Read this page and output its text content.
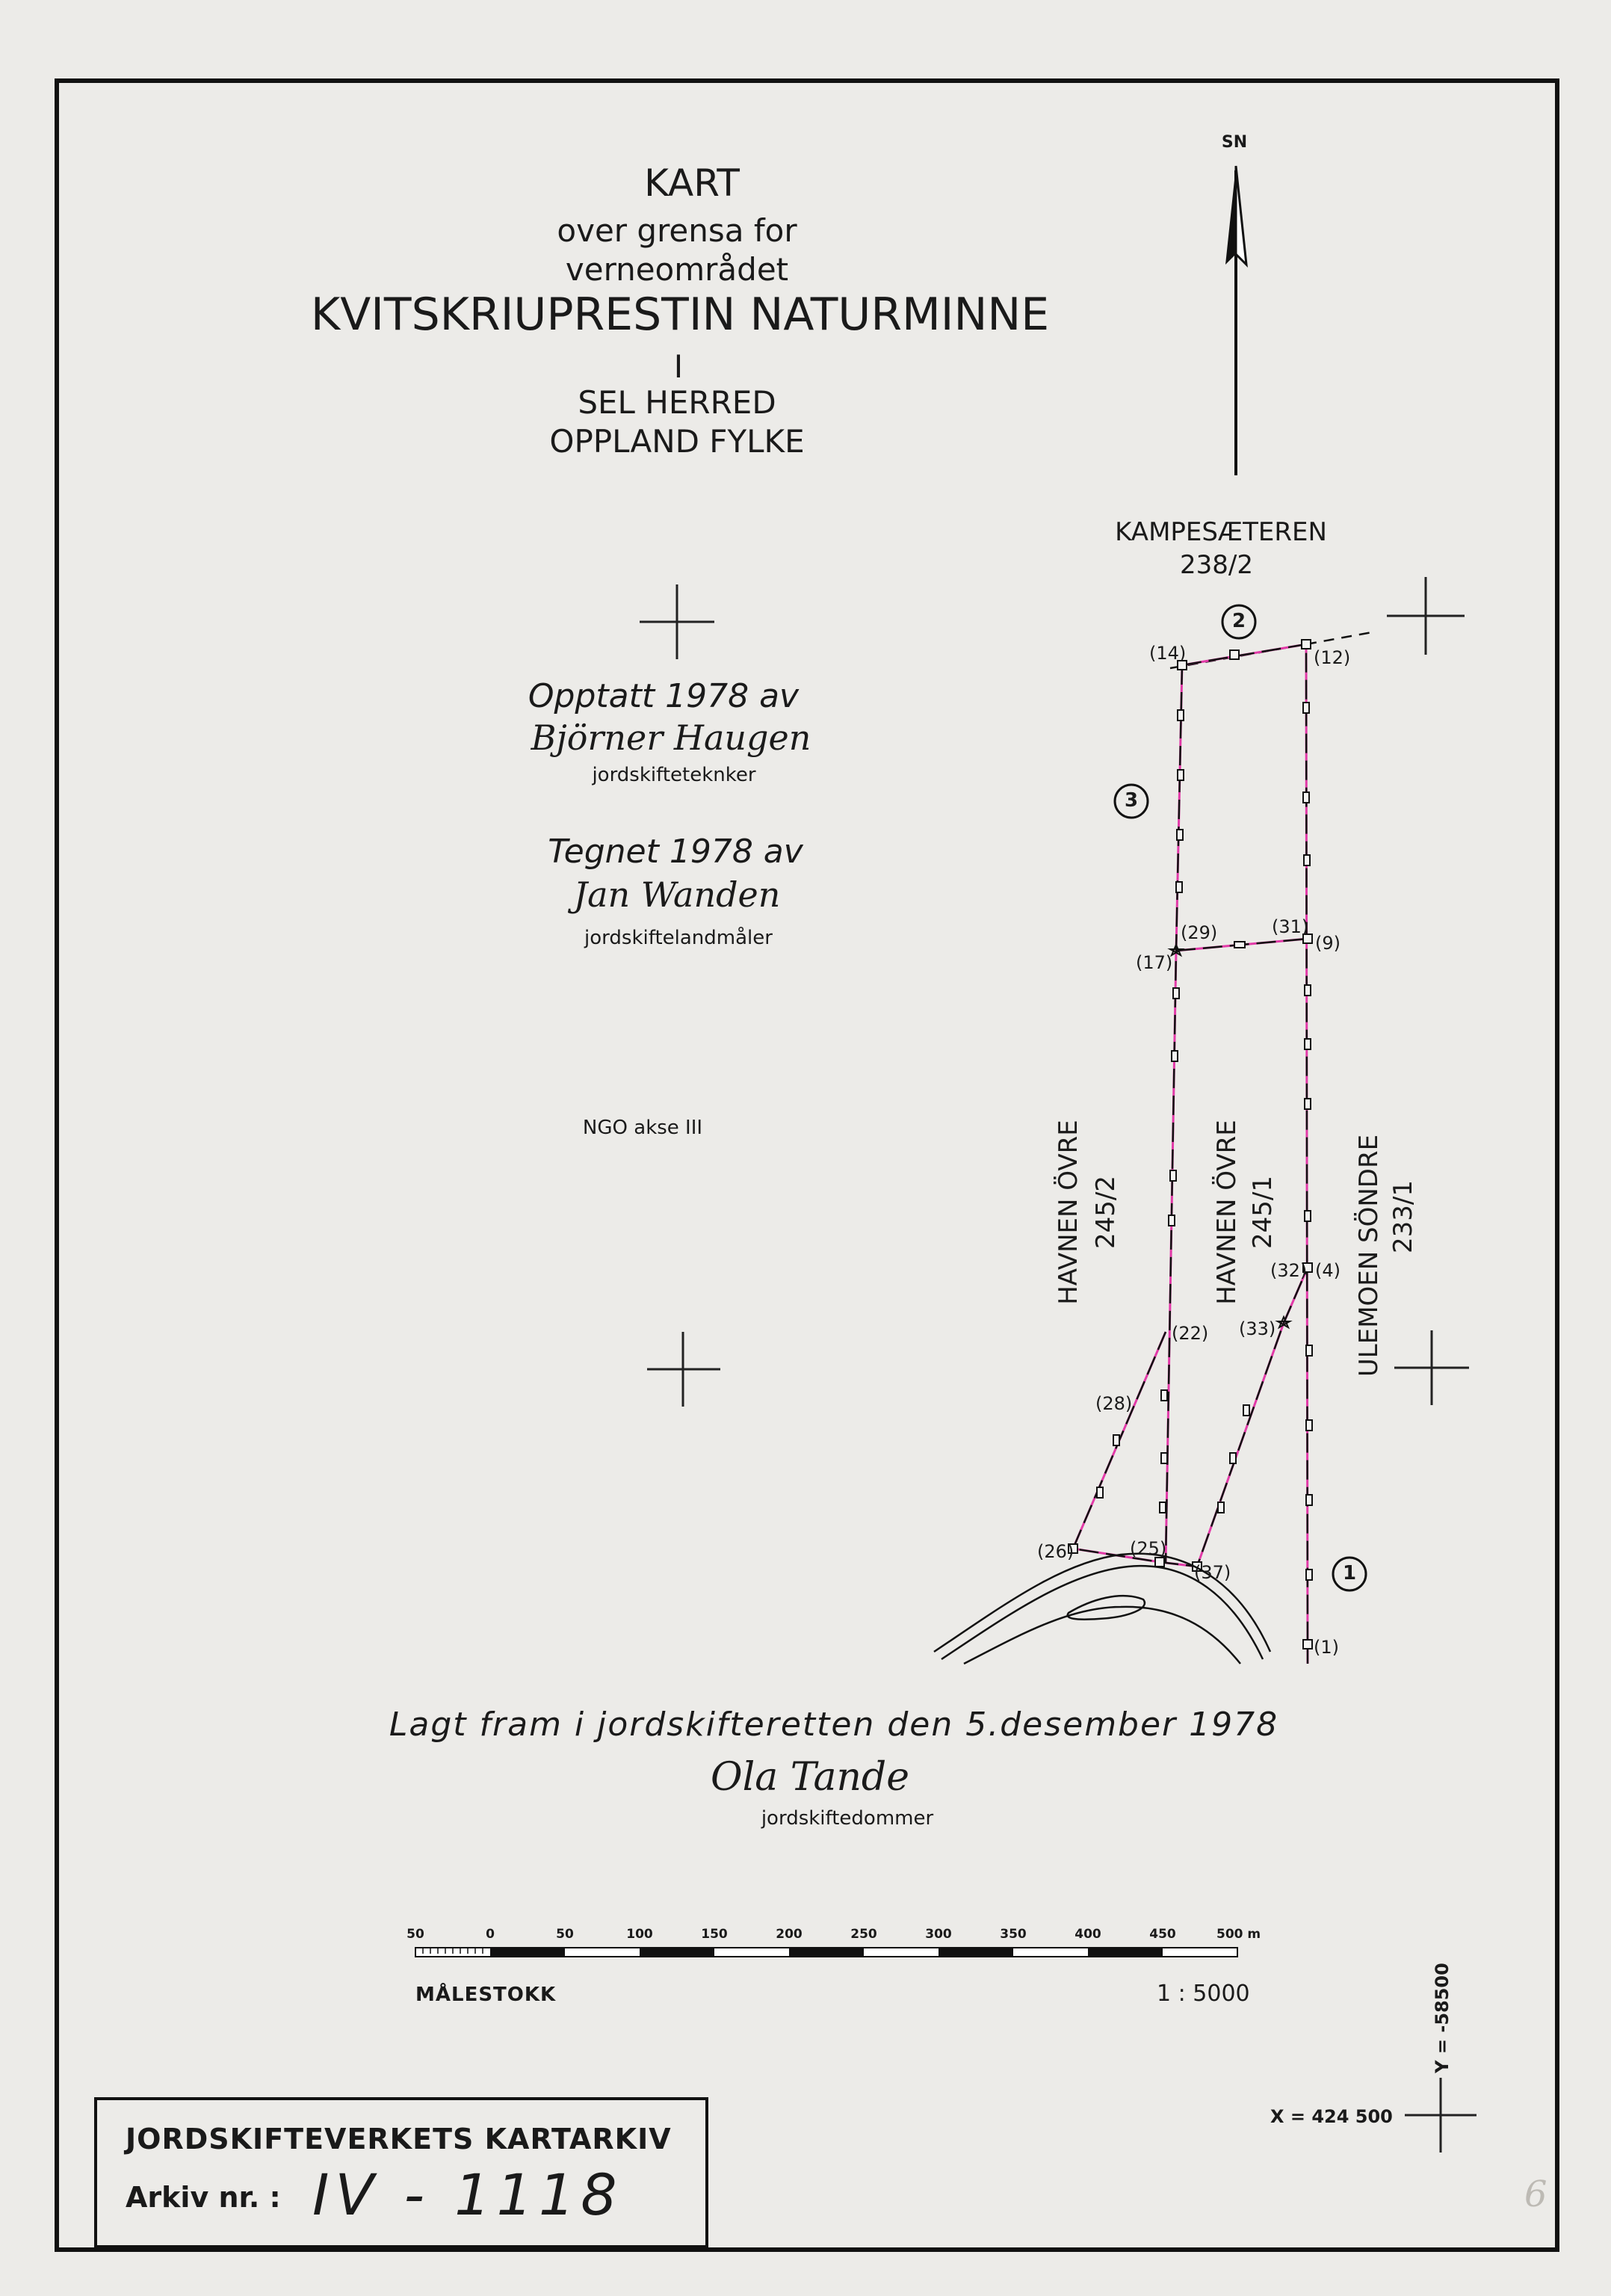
KART
over grensa for
verneområdet
KVITSKRIUPRESTIN NATURMINNE
I
SEL HERRED
OPPLAND FYLKE
SN
KAMPESÆTEREN
238/2
2
3
1
(14)	(12)
(29)	(31)
(17)
(9)
(32) (4)
(33)
(22)
(28)
(26)	(25)
(37)
(1)
HAVNEN ÖVRE 245/2	HAVNEN ÖVRE 245/1	ULEMOEN SÖNDRE 233/1
Opptatt 1978 av
Björner Haugen
jordskifteteknker
Tegnet 1978 av
Jan Wanden
jordskiftelandmåler
NGO akse III
Lagt fram i jordskifteretten den 5.desember 1978
Ola Tande
jordskiftedommer
50	0	50	100	150	200	250	300	350	400	450	500 m
MÅLESTOKK	1 : 5000
X = 424 500
Y = -58500
JORDSKIFTEVERKETS KARTARKIV
Arkiv nr. : IV - 1118	6
